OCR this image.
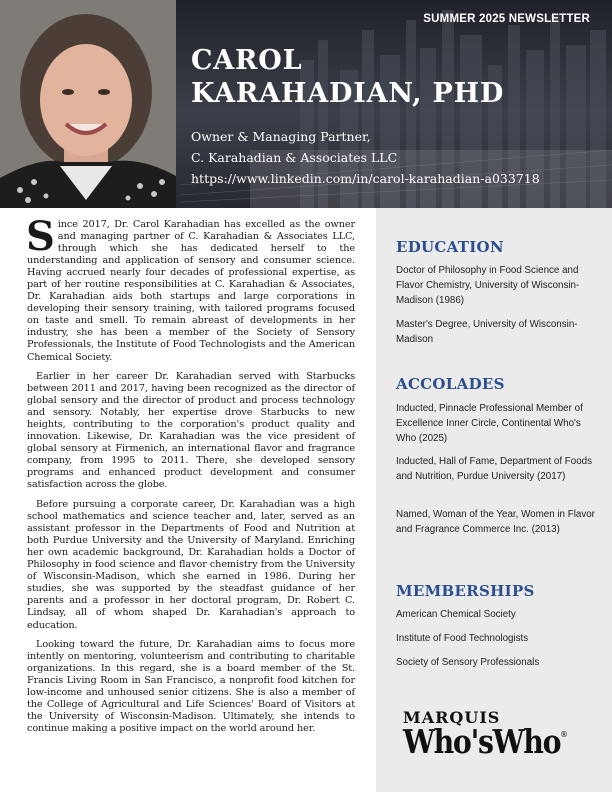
SUMMER 2025 NEWSLETTER
CAROL
KARAHADIAN, PHD
Owner & Managing Partner,
C. Karahadian & Associates LLC
https://www.linkedin.com/in/carol-karahadian-a033718

Since 2017, Dr. Carol Karahadian has excelled as the owner and managing partner of C. Karahadian & Associates LLC, through which she has dedicated herself to the understanding and application of sensory and consumer science. Having accrued nearly four decades of professional expertise, as part of her routine responsibilities at C. Karahadian & Associates, Dr. Karahadian aids both startups and large corporations in developing their sensory training, with tailored programs focused on taste and smell. To remain abreast of developments in her industry, she has been a member of the Society of Sensory Professionals, the Institute of Food Technologists and the American Chemical Society.

Earlier in her career Dr. Karahadian served with Starbucks between 2011 and 2017, having been recognized as the director of global sensory and the director of product and process technology and sensory. Notably, her expertise drove Starbucks to new heights, contributing to the corporation's product quality and innovation. Likewise, Dr. Karahadian was the vice president of global sensory at Firmenich, an international flavor and fragrance company, from 1995 to 2011. There, she developed sensory programs and enhanced product development and consumer satisfaction across the globe.

Before pursuing a corporate career, Dr. Karahadian was a high school mathematics and science teacher and, later, served as an assistant professor in the Departments of Food and Nutrition at both Purdue University and the University of Maryland. Enriching her own academic background, Dr. Karahadian holds a Doctor of Philosophy in food science and flavor chemistry from the University of Wisconsin-Madison, which she earned in 1986. During her studies, she was supported by the steadfast guidance of her parents and a professor in her doctoral program, Dr. Robert C. Lindsay, all of whom shaped Dr. Karahadian's approach to education.

Looking toward the future, Dr. Karahadian aims to focus more intently on mentoring, volunteerism and contributing to charitable organizations. In this regard, she is a board member of the St. Francis Living Room in San Francisco, a nonprofit food kitchen for low-income and unhoused senior citizens. She is also a member of the College of Agricultural and Life Sciences' Board of Visitors at the University of Wisconsin-Madison. Ultimately, she intends to continue making a positive impact on the world around her.

EDUCATION
Doctor of Philosophy in Food Science and Flavor Chemistry, University of Wisconsin-Madison (1986)
Master's Degree, University of Wisconsin-Madison
ACCOLADES
Inducted, Pinnacle Professional Member of Excellence Inner Circle, Continental Who's Who (2025)
Inducted, Hall of Fame, Department of Foods and Nutrition, Purdue University (2017)
Named, Woman of the Year, Women in Flavor and Fragrance Commerce Inc. (2013)
MEMBERSHIPS
American Chemical Society
Institute of Food Technologists
Society of Sensory Professionals
MARQUIS
Who'sWho ®
